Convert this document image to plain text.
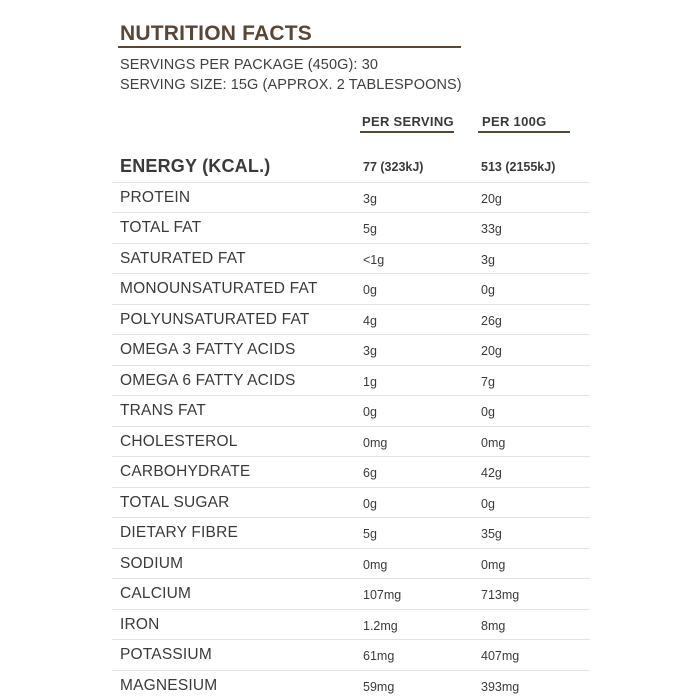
NUTRITION FACTS
SERVINGS PER PACKAGE (450G): 30
SERVING SIZE: 15G (APPROX. 2 TABLESPOONS)
PER SERVING PER 100G
ENERGY (KCAL.)	77 (323kJ)	513 (2155kJ)
PROTEIN	3g	20g
TOTAL FAT	5g	33g
SATURATED FAT	<1g	3g
MONOUNSATURATED FAT	0g	0g
POLYUNSATURATED FAT	4g	26g
OMEGA 3 FATTY ACIDS	3g	20g
OMEGA 6 FATTY ACIDS	1g	7g
TRANS FAT	0g	0g
CHOLESTEROL	0mg	0mg
CARBOHYDRATE	6g	42g
TOTAL SUGAR	0g	0g
DIETARY FIBRE	5g	35g
SODIUM	0mg	0mg
CALCIUM	107mg	713mg
IRON	1.2mg	8mg
POTASSIUM	61mg	407mg
MAGNESIUM	59mg	393mg
